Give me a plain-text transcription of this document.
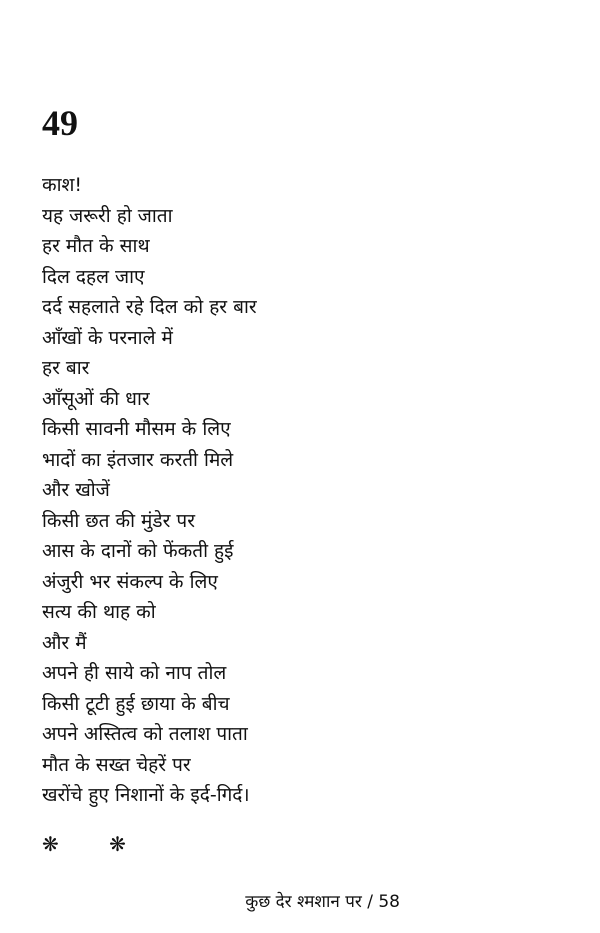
49
काश!
यह जरूरी हो जाता
हर मौत के साथ
दिल दहल जाए
दर्द सहलाते रहे दिल को हर बार
आँखों के परनाले में
हर बार
आँसूओं की धार
किसी सावनी मौसम के लिए
भादों का इंतजार करती मिले
और खोजें
किसी छत की मुंडेर पर
आस के दानों को फेंकती हुई
अंजुरी भर संकल्प के लिए
सत्य की थाह को
और मैं
अपने ही साये को नाप तोल
किसी टूटी हुई छाया के बीच
अपने अस्तित्व को तलाश पाता
मौत के सख्त चेहरें पर
खरोंचे हुए निशानों के इर्द-गिर्द।
❋ ❋
कुछ देर श्मशान पर / 58
